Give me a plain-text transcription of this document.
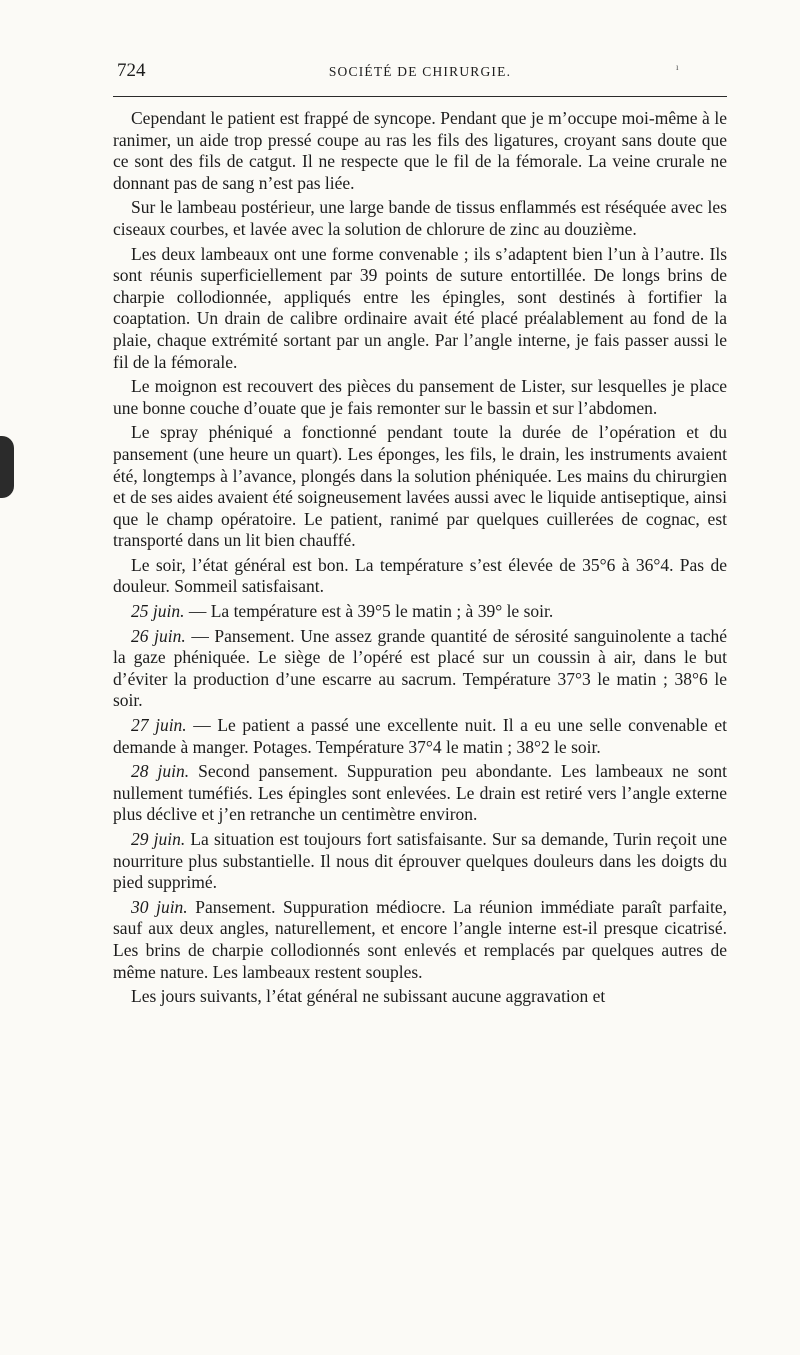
ı
724	SOCIÉTÉ DE CHIRURGIE.

Cependant le patient est frappé de syncope. Pendant que je m’occupe moi-même à le ranimer, un aide trop pressé coupe au ras les fils des ligatures, croyant sans doute que ce sont des fils de catgut. Il ne respecte que le fil de la fémorale. La veine crurale ne donnant pas de sang n’est pas liée.

Sur le lambeau postérieur, une large bande de tissus enflammés est réséquée avec les ciseaux courbes, et lavée avec la solution de chlorure de zinc au douzième.

Les deux lambeaux ont une forme convenable ; ils s’adaptent bien l’un à l’autre. Ils sont réunis superficiellement par 39 points de suture entortillée. De longs brins de charpie collodionnée, appliqués entre les épingles, sont destinés à fortifier la coaptation. Un drain de calibre ordinaire avait été placé préalablement au fond de la plaie, chaque extrémité sortant par un angle. Par l’angle interne, je fais passer aussi le fil de la fémorale.

Le moignon est recouvert des pièces du pansement de Lister, sur lesquelles je place une bonne couche d’ouate que je fais remonter sur le bassin et sur l’abdomen.

Le spray phéniqué a fonctionné pendant toute la durée de l’opération et du pansement (une heure un quart). Les éponges, les fils, le drain, les instruments avaient été, longtemps à l’avance, plongés dans la solution phéniquée. Les mains du chirurgien et de ses aides avaient été soigneusement lavées aussi avec le liquide antiseptique, ainsi que le champ opératoire. Le patient, ranimé par quelques cuillerées de cognac, est transporté dans un lit bien chauffé.

Le soir, l’état général est bon. La température s’est élevée de 35°6 à 36°4. Pas de douleur. Sommeil satisfaisant.

25 juin. — La température est à 39°5 le matin ; à 39° le soir.

26 juin. — Pansement. Une assez grande quantité de sérosité sanguinolente a taché la gaze phéniquée. Le siège de l’opéré est placé sur un coussin à air, dans le but d’éviter la production d’une escarre au sacrum. Température 37°3 le matin ; 38°6 le soir.

27 juin. — Le patient a passé une excellente nuit. Il a eu une selle convenable et demande à manger. Potages. Température 37°4 le matin ; 38°2 le soir.

28 juin. Second pansement. Suppuration peu abondante. Les lambeaux ne sont nullement tuméfiés. Les épingles sont enlevées. Le drain est retiré vers l’angle externe plus déclive et j’en retranche un centimètre environ.

29 juin. La situation est toujours fort satisfaisante. Sur sa demande, Turin reçoit une nourriture plus substantielle. Il nous dit éprouver quelques douleurs dans les doigts du pied supprimé.

30 juin. Pansement. Suppuration médiocre. La réunion immédiate paraît parfaite, sauf aux deux angles, naturellement, et encore l’angle interne est-il presque cicatrisé. Les brins de charpie collodionnés sont enlevés et remplacés par quelques autres de même nature. Les lambeaux restent souples.

Les jours suivants, l’état général ne subissant aucune aggravation et
